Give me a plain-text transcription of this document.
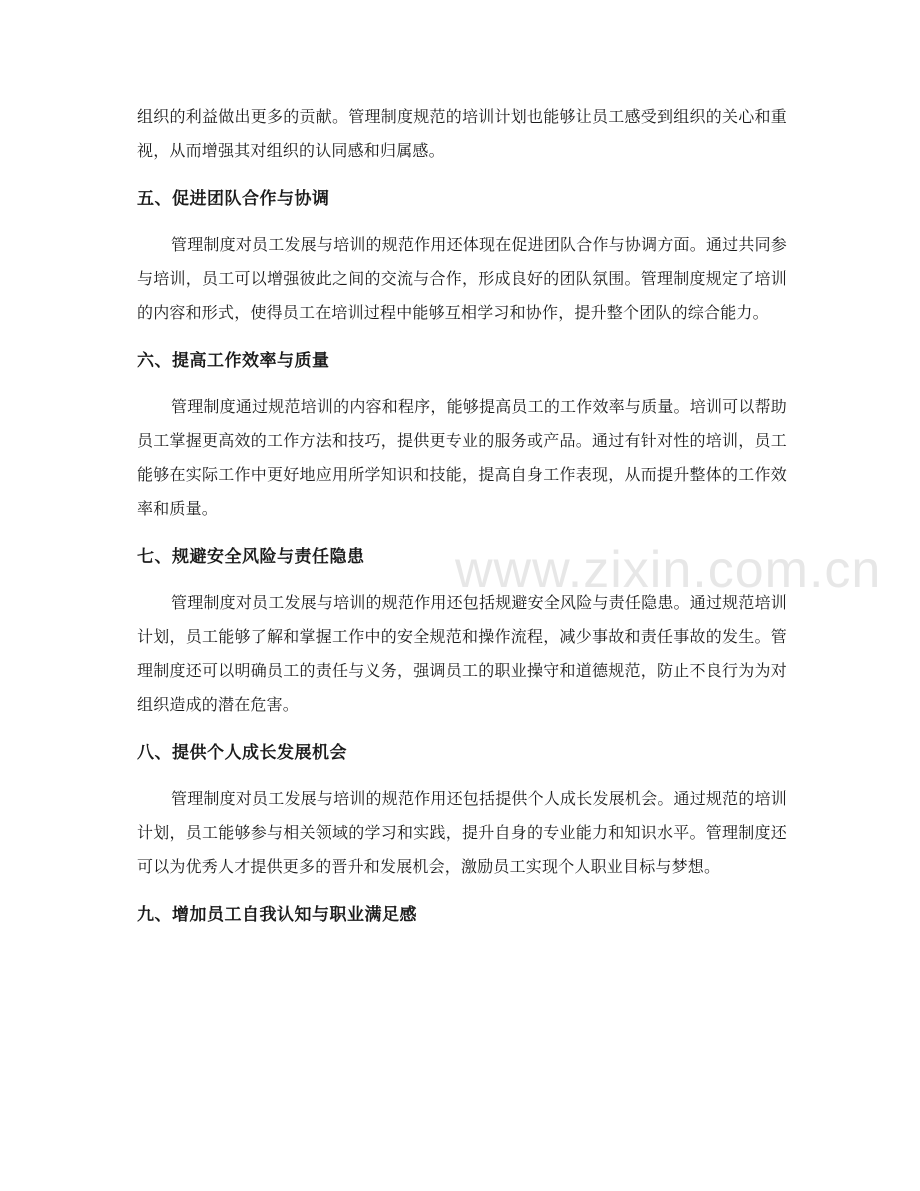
组织的利益做出更多的贡献。管理制度规范的培训计划也能够让员工感受到组织的关心和重视，从而增强其对组织的认同感和归属感。

五、促进团队合作与协调

管理制度对员工发展与培训的规范作用还体现在促进团队合作与协调方面。通过共同参与培训，员工可以增强彼此之间的交流与合作，形成良好的团队氛围。管理制度规定了培训的内容和形式，使得员工在培训过程中能够互相学习和协作，提升整个团队的综合能力。

六、提高工作效率与质量

管理制度通过规范培训的内容和程序，能够提高员工的工作效率与质量。培训可以帮助员工掌握更高效的工作方法和技巧，提供更专业的服务或产品。通过有针对性的培训，员工能够在实际工作中更好地应用所学知识和技能，提高自身工作表现，从而提升整体的工作效率和质量。

七、规避安全风险与责任隐患

管理制度对员工发展与培训的规范作用还包括规避安全风险与责任隐患。通过规范培训计划，员工能够了解和掌握工作中的安全规范和操作流程，减少事故和责任事故的发生。管理制度还可以明确员工的责任与义务，强调员工的职业操守和道德规范，防止不良行为为对组织造成的潜在危害。

八、提供个人成长发展机会

管理制度对员工发展与培训的规范作用还包括提供个人成长发展机会。通过规范的培训计划，员工能够参与相关领域的学习和实践，提升自身的专业能力和知识水平。管理制度还可以为优秀人才提供更多的晋升和发展机会，激励员工实现个人职业目标与梦想。

九、增加员工自我认知与职业满足感
www.zixin.com.cn
